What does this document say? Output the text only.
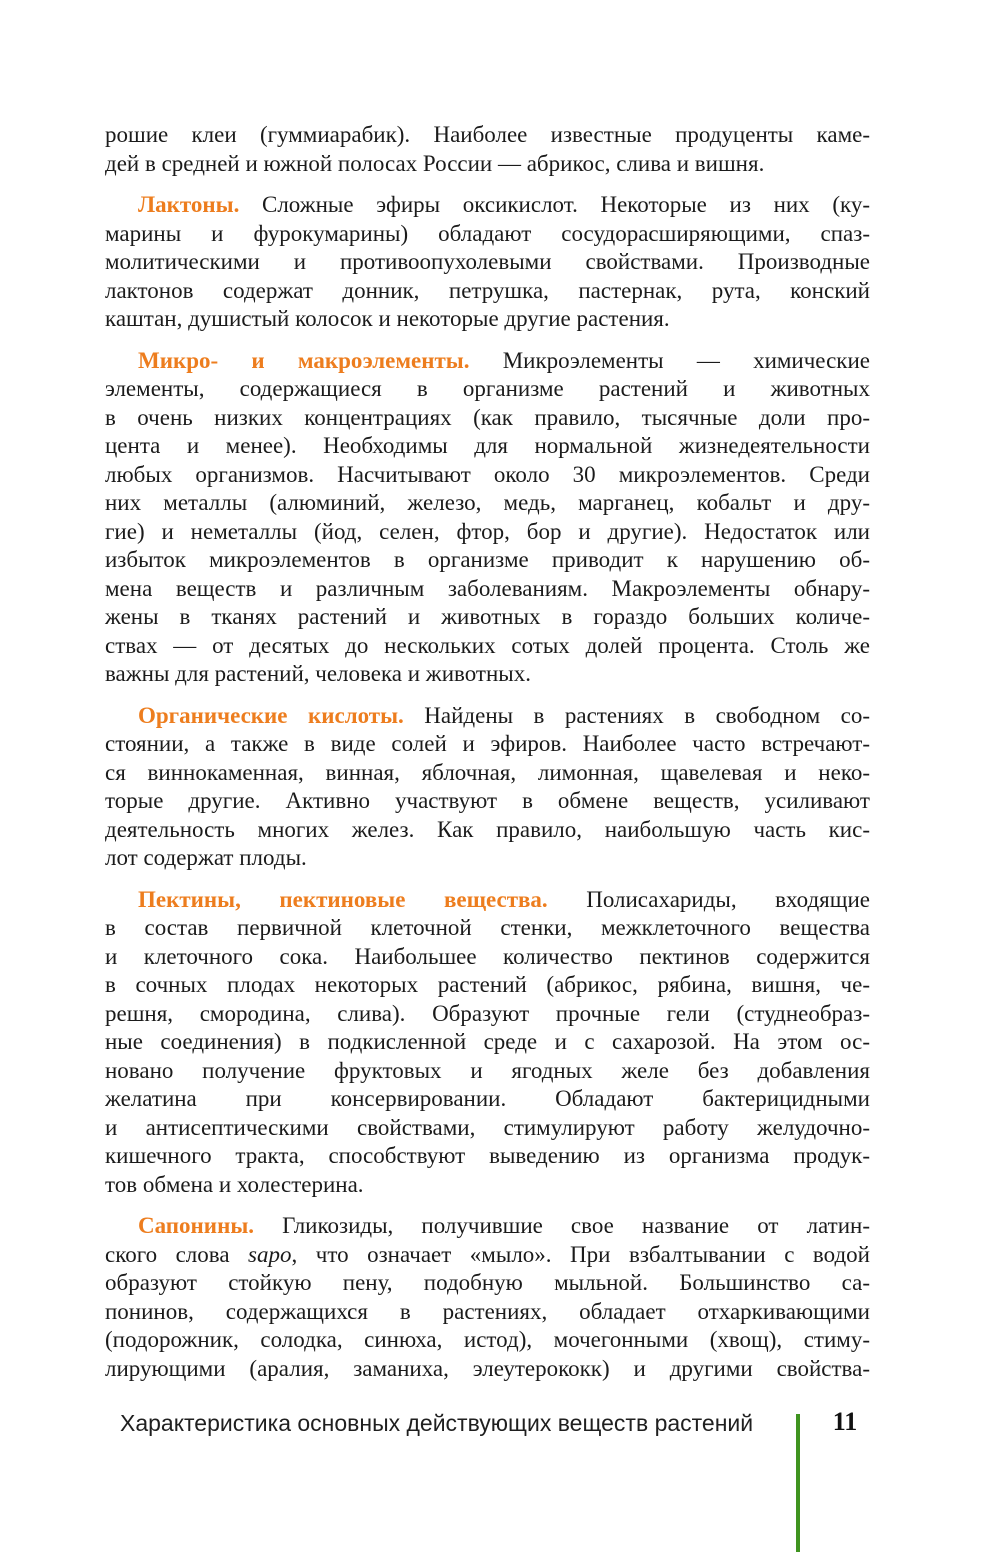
рошие клеи (гуммиарабик). Наиболее известные продуценты каме-
дей в средней и южной полосах России — абрикос, слива и вишня.
Лактоны. Сложные эфиры оксикислот. Некоторые из них (ку-
марины и фурокумарины) обладают сосудорасширяющими, спаз-
молитическими и противоопухолевыми свойствами. Производные
лактонов содержат донник, петрушка, пастернак, рута, конский
каштан, душистый колосок и некоторые другие растения.
Микро- и макроэлементы. Микроэлементы — химические
элементы, содержащиеся в организме растений и животных
в очень низких концентрациях (как правило, тысячные доли про-
цента и менее). Необходимы для нормальной жизнедеятельности
любых организмов. Насчитывают около 30 микроэлементов. Среди
них металлы (алюминий, железо, медь, марганец, кобальт и дру-
гие) и неметаллы (йод, селен, фтор, бор и другие). Недостаток или
избыток микроэлементов в организме приводит к нарушению об-
мена веществ и различным заболеваниям. Макроэлементы обнару-
жены в тканях растений и животных в гораздо больших количе-
ствах — от десятых до нескольких сотых долей процента. Столь же
важны для растений, человека и животных.
Органические кислоты. Найдены в растениях в свободном со-
стоянии, а также в виде солей и эфиров. Наиболее часто встречают-
ся виннокаменная, винная, яблочная, лимонная, щавелевая и неко-
торые другие. Активно участвуют в обмене веществ, усиливают
деятельность многих желез. Как правило, наибольшую часть кис-
лот содержат плоды.
Пектины, пектиновые вещества. Полисахариды, входящие
в состав первичной клеточной стенки, межклеточного вещества
и клеточного сока. Наибольшее количество пектинов содержится
в сочных плодах некоторых растений (абрикос, рябина, вишня, че-
решня, смородина, слива). Образуют прочные гели (студнеобраз-
ные соединения) в подкисленной среде и с сахарозой. На этом ос-
новано получение фруктовых и ягодных желе без добавления
желатина при консервировании. Обладают бактерицидными
и антисептическими свойствами, стимулируют работу желудочно-
кишечного тракта, способствуют выведению из организма продук-
тов обмена и холестерина.
Сапонины. Гликозиды, получившие свое название от латин-
ского слова sapo, что означает «мыло». При взбалтывании с водой
образуют стойкую пену, подобную мыльной. Большинство са-
понинов, содержащихся в растениях, обладает отхаркивающими
(подорожник, солодка, синюха, истод), мочегонными (хвощ), стиму-
лирующими (аралия, заманиха, элеутерококк) и другими свойства-
Характеристика основных действующих веществ растений	11
